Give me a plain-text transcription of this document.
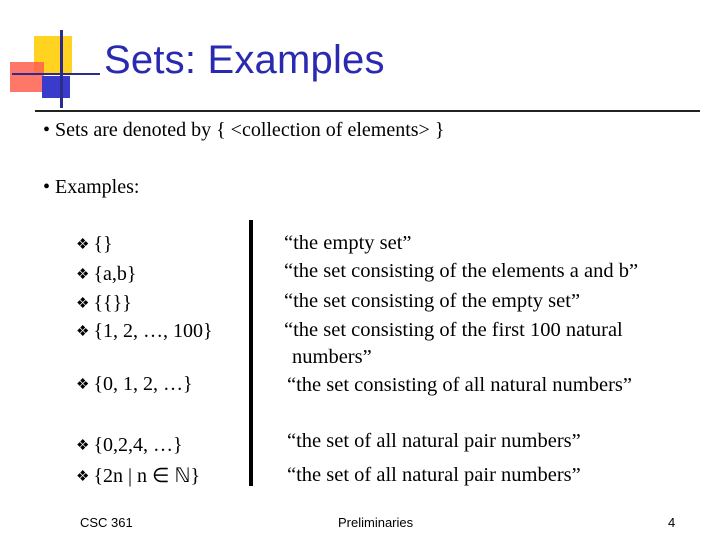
Sets: Examples
• Sets are denoted by { <collection of elements> }
• Examples:
❖ {}
❖ {a,b}
❖ {{}}
❖ {1, 2, …, 100}
❖ {0, 1, 2, …}
❖ {0,2,4, …}
❖ {2n | n ∈ ℕ}
“the empty set”
“the set consisting of the elements a and b”
“the set consisting of the empty set”
“the set consisting of the first 100 natural
numbers”
“the set consisting of all natural numbers”
“the set of all natural pair numbers”
“the set of all natural pair numbers”
CSC 361	Preliminaries	4
